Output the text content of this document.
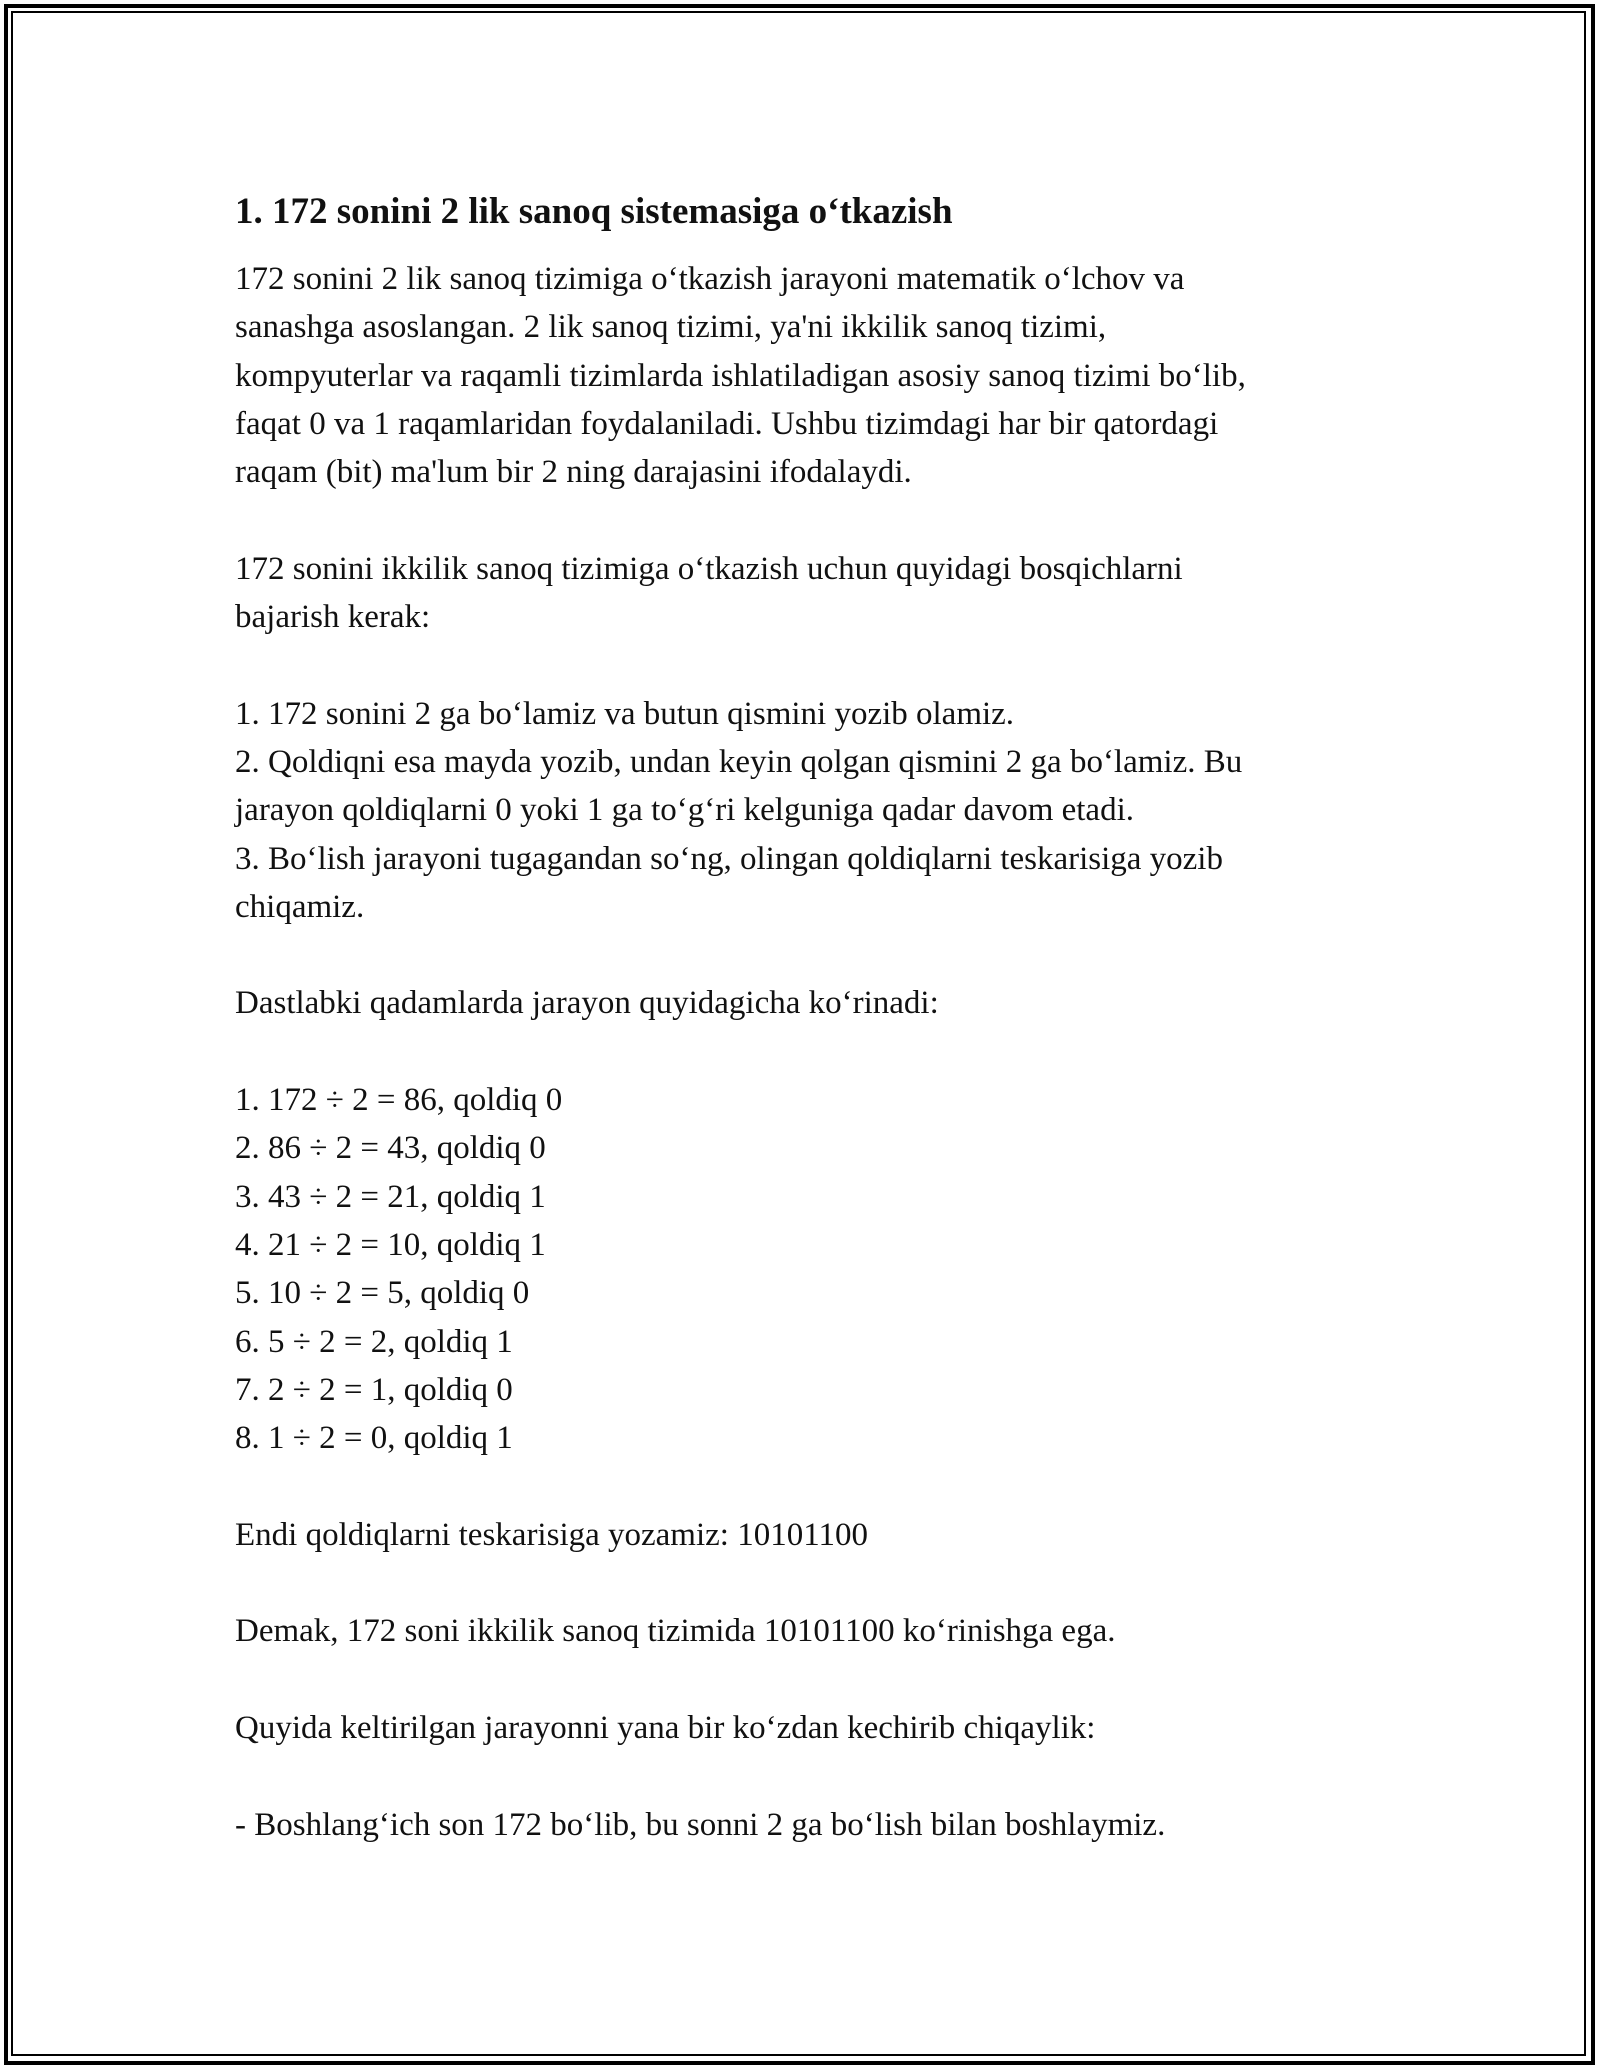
1. 172 sonini 2 lik sanoq sistemasiga o‘tkazish

172 sonini 2 lik sanoq tizimiga o‘tkazish jarayoni matematik o‘lchov va
sanashga asoslangan. 2 lik sanoq tizimi, ya'ni ikkilik sanoq tizimi,
kompyuterlar va raqamli tizimlarda ishlatiladigan asosiy sanoq tizimi bo‘lib,
faqat 0 va 1 raqamlaridan foydalaniladi. Ushbu tizimdagi har bir qatordagi
raqam (bit) ma'lum bir 2 ning darajasini ifodalaydi.

172 sonini ikkilik sanoq tizimiga o‘tkazish uchun quyidagi bosqichlarni
bajarish kerak:

1. 172 sonini 2 ga bo‘lamiz va butun qismini yozib olamiz.
2. Qoldiqni esa mayda yozib, undan keyin qolgan qismini 2 ga bo‘lamiz. Bu
jarayon qoldiqlarni 0 yoki 1 ga to‘g‘ri kelguniga qadar davom etadi.
3. Bo‘lish jarayoni tugagandan so‘ng, olingan qoldiqlarni teskarisiga yozib
chiqamiz.

Dastlabki qadamlarda jarayon quyidagicha ko‘rinadi:

1. 172 ÷ 2 = 86, qoldiq 0
2. 86 ÷ 2 = 43, qoldiq 0
3. 43 ÷ 2 = 21, qoldiq 1
4. 21 ÷ 2 = 10, qoldiq 1
5. 10 ÷ 2 = 5, qoldiq 0
6. 5 ÷ 2 = 2, qoldiq 1
7. 2 ÷ 2 = 1, qoldiq 0
8. 1 ÷ 2 = 0, qoldiq 1

Endi qoldiqlarni teskarisiga yozamiz: 10101100

Demak, 172 soni ikkilik sanoq tizimida 10101100 ko‘rinishga ega.

Quyida keltirilgan jarayonni yana bir ko‘zdan kechirib chiqaylik:

- Boshlang‘ich son 172 bo‘lib, bu sonni 2 ga bo‘lish bilan boshlaymiz.
